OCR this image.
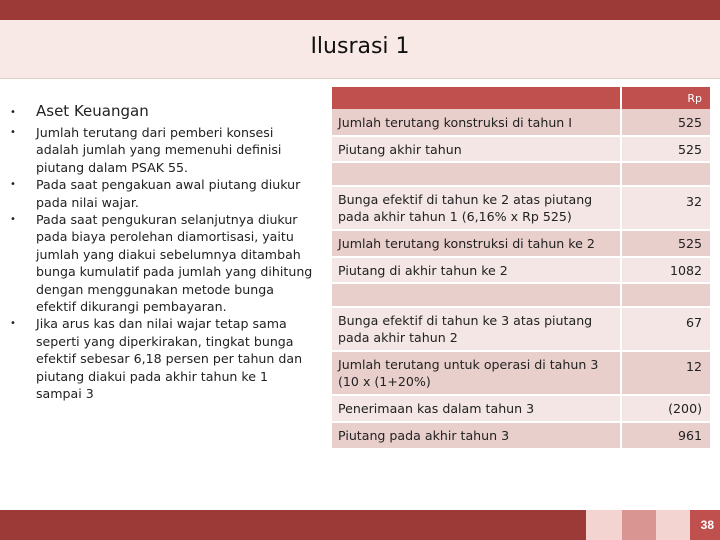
Ilusrasi 1
• Aset Keuangan
• Jumlah terutang dari pemberi konsesi adalah jumlah yang memenuhi definisi piutang dalam PSAK 55.
• Pada saat pengakuan awal piutang diukur pada nilai wajar.
• Pada saat pengukuran selanjutnya diukur pada biaya perolehan diamortisasi, yaitu jumlah yang diakui sebelumnya ditambah bunga kumulatif pada jumlah yang dihitung dengan menggunakan metode bunga efektif dikurangi pembayaran.
• Jika arus kas dan nilai wajar tetap sama seperti yang diperkirakan, tingkat bunga efektif sebesar 6,18 persen per tahun dan piutang diakui pada akhir tahun ke 1 sampai 3
	Rp
Jumlah terutang konstruksi di tahun I	525
Piutang akhir tahun	525

Bunga efektif di tahun ke 2 atas piutang pada akhir tahun 1 (6,16% x Rp 525)	32
Jumlah terutang konstruksi di tahun ke 2	525
Piutang di akhir tahun ke 2	1082

Bunga efektif di tahun ke 3 atas piutang pada akhir tahun 2	67
Jumlah terutang untuk operasi di tahun 3 (10 x (1+20%)	12
Penerimaan kas dalam tahun 3	(200)
Piutang pada akhir tahun 3	961
38
